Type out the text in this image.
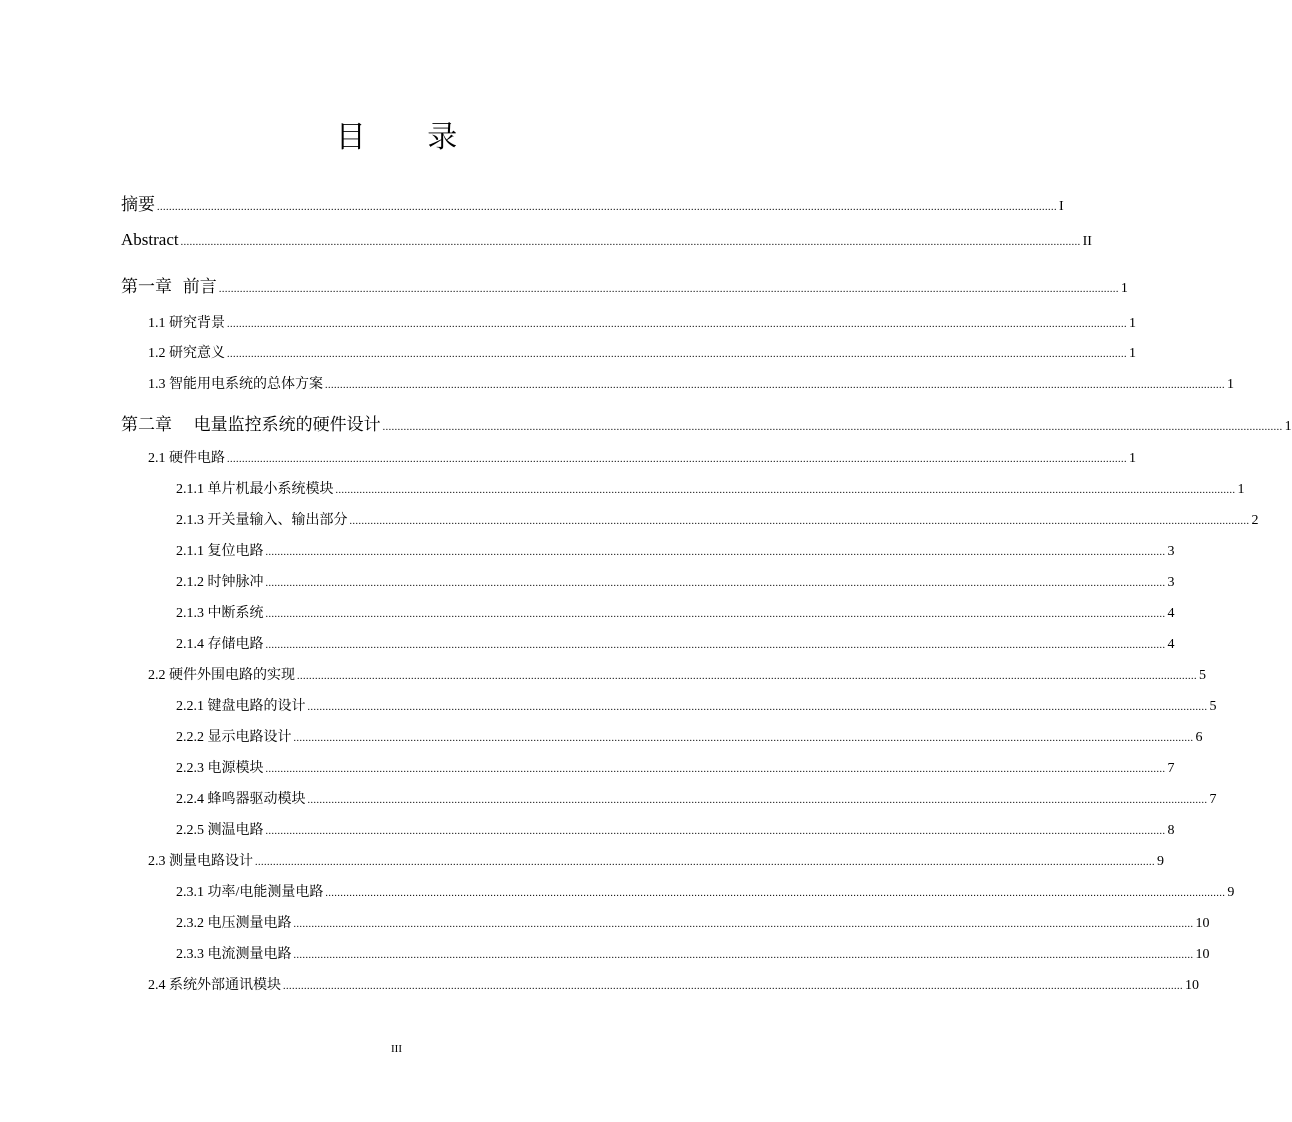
目 录
摘要 ............................................................................................................................................................................................................................................................................................................ I
Abstract ............................................................................................................................................................................................................................................................................................................ II
第一章  前言 ............................................................................................................................................................................................................................................................................................................ 1
1.1 研究背景 ............................................................................................................................................................................................................................................................................................................ 1
1.2 研究意义 ............................................................................................................................................................................................................................................................................................................ 1
1.3 智能用电系统的总体方案 ............................................................................................................................................................................................................................................................................................................ 1
第二章    电量监控系统的硬件设计 ............................................................................................................................................................................................................................................................................................................ 1
2.1 硬件电路 ............................................................................................................................................................................................................................................................................................................ 1
2.1.1 单片机最小系统模块 ............................................................................................................................................................................................................................................................................................................ 1
2.1.3 开关量输入、输出部分 ............................................................................................................................................................................................................................................................................................................ 2
2.1.1 复位电路 ............................................................................................................................................................................................................................................................................................................ 3
2.1.2 时钟脉冲 ............................................................................................................................................................................................................................................................................................................ 3
2.1.3 中断系统 ............................................................................................................................................................................................................................................................................................................ 4
2.1.4 存储电路 ............................................................................................................................................................................................................................................................................................................ 4
2.2 硬件外围电路的实现 ............................................................................................................................................................................................................................................................................................................ 5
2.2.1 键盘电路的设计 ............................................................................................................................................................................................................................................................................................................ 5
2.2.2 显示电路设计 ............................................................................................................................................................................................................................................................................................................ 6
2.2.3 电源模块 ............................................................................................................................................................................................................................................................................................................ 7
2.2.4 蜂鸣器驱动模块 ............................................................................................................................................................................................................................................................................................................ 7
2.2.5 测温电路 ............................................................................................................................................................................................................................................................................................................ 8
2.3 测量电路设计 ............................................................................................................................................................................................................................................................................................................ 9
2.3.1 功率/电能测量电路 ............................................................................................................................................................................................................................................................................................................ 9
2.3.2 电压测量电路 ............................................................................................................................................................................................................................................................................................................ 10
2.3.3 电流测量电路 ............................................................................................................................................................................................................................................................................................................ 10
2.4 系统外部通讯模块 ............................................................................................................................................................................................................................................................................................................ 10
III
